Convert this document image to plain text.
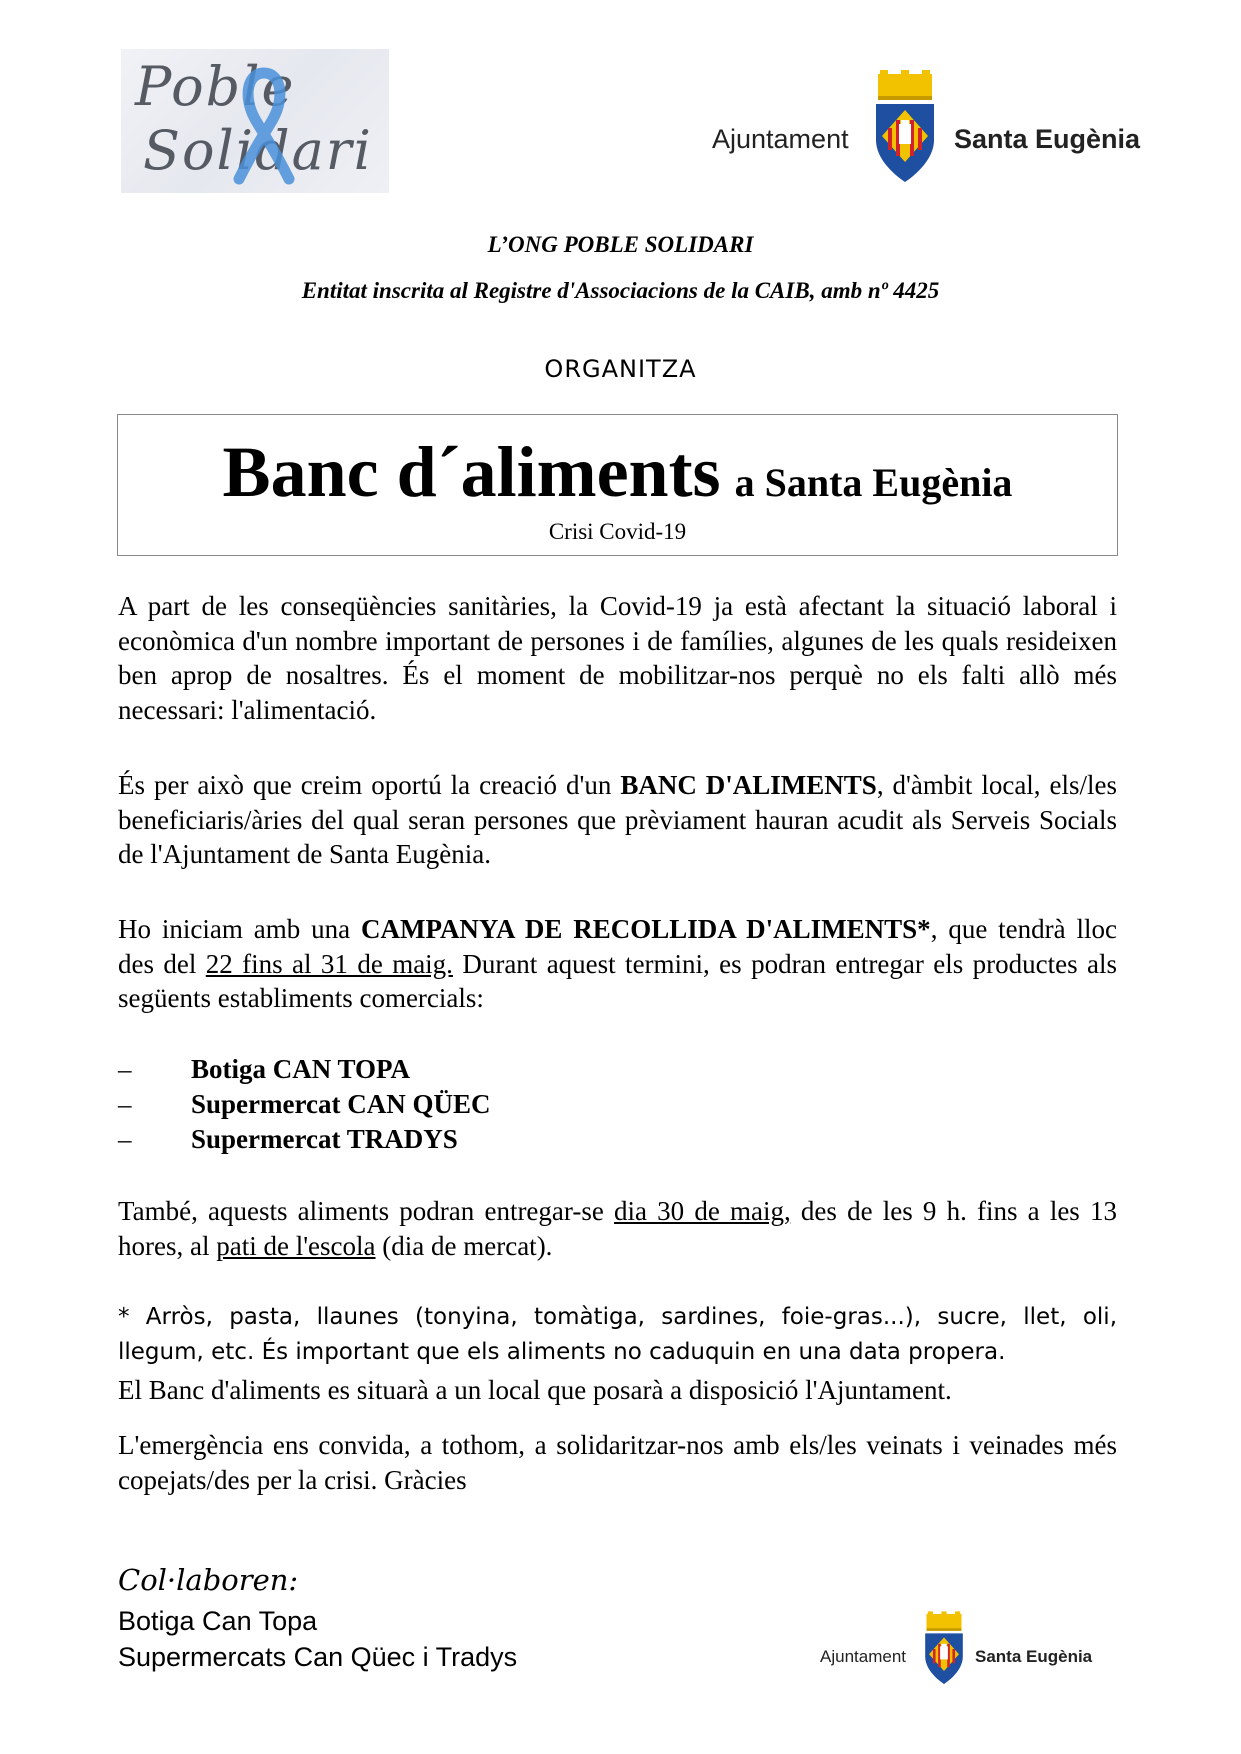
Poble
Solidari	Ajuntament	Santa Eugènia
L’ONG POBLE SOLIDARI
Entitat inscrita al Registre d'Associacions de la CAIB, amb nº 4425
ORGANITZA
Banc d´aliments a Santa Eugènia
Crisi Covid-19
A part de les conseqüències sanitàries, la Covid-19 ja està afectant la situació laboral i econòmica d'un nombre important de persones i de famílies, algunes de les quals resideixen ben aprop de nosaltres. És el moment de mobilitzar-nos perquè no els falti allò més necessari: l'alimentació.
És per això que creim oportú la creació d'un BANC D'ALIMENTS, d'àmbit local, els/les beneficiaris/àries del qual seran persones que prèviament hauran acudit als Serveis Socials de l'Ajuntament de Santa Eugènia.
Ho iniciam amb una CAMPANYA DE RECOLLIDA D'ALIMENTS*, que tendrà lloc des del 22 fins al 31 de maig. Durant aquest termini, es podran entregar els productes als següents establiments comercials:
– Botiga CAN TOPA
– Supermercat CAN QÜEC
– Supermercat TRADYS
També, aquests aliments podran entregar-se dia 30 de maig, des de les 9 h. fins a les 13 hores, al pati de l'escola (dia de mercat).
* Arròs, pasta, llaunes (tonyina, tomàtiga, sardines, foie-gras...), sucre, llet, oli, llegum, etc. És important que els aliments no caduquin en una data propera.
El Banc d'aliments es situarà a un local que posarà a disposició l'Ajuntament.
L'emergència ens convida, a tothom, a solidaritzar-nos amb els/les veinats i veinades més copejats/des per la crisi. Gràcies
Col·laboren:
Botiga Can Topa
Supermercats Can Qüec i Tradys	Ajuntament	Santa Eugènia
